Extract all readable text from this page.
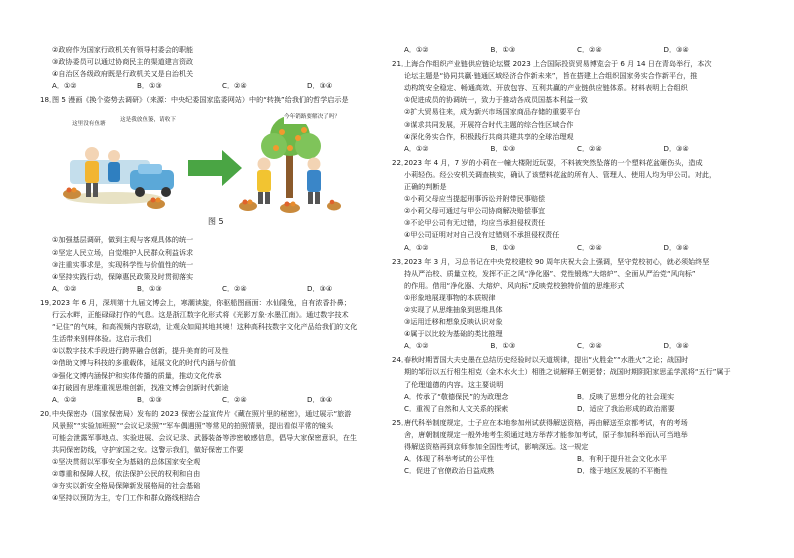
②政府作为国家行政机关有领导村委会的职能
③政协委员可以通过协商民主的渠道建言资政
④自治区各级政府既是行政机关又是自治机关
A．①②	B．①③	C．②④	D．③④
18．图 5 漫画《换个姿势去调研》（来源：中央纪委国家监委网站）中的“转换”给我们的哲学启示是
这里没有鱼塘
这是我放鱼篓，请收下	今年销路要解决了吗？
图 5
①加强基层调研，做到主观与客观具体的统一
②坚定人民立场，自觉维护人民群众利益诉求
③注重实事求是，实现科学性与价值性的统一
④坚持实践行动，保障惠民政策及时贯彻落实
A．①②	B．①③	C．②④	D．③④
19．2023 年 6 月，深圳第十九届文博会上，寒潮读旋，你驱船图画面：水仙隆兔，自有浓香扑鼻；
行云水畔，正能碌碌打作的气息。这是浙江数字化形式将《光影万象·水墨江南》。通过数字技术
“记住”的气味，和高视频内容联动，让观众如闻其地其境！这种高科技数字文化产品给我们的文化
生活带来别样体验。这启示我们
①以数字技术手段进行跨界融合创新，提升美育的可及性
②借助文博与科技的多重载体，延展文化的时代内涵与价值
③强化文博内涵保护和实体传播的质量，推动文化传承
④打破固有思维重视思维创新，找准文博会创新时代新途
A．①②	B．①③	C．②④	D．③④
20．中央保密办（国家保密局）发布的 2023 保密公益宣传片《藏在照片里的秘密》，通过展示“旅游
风景照”“实验加班照”“会议记录照”“军车偶遇照”等常见的拍照情景，提出看似平常的镜头
可能会泄露军事地点、实验进展、会议记录、武器装备等涉密敏感信息，倡导大家保密意识，在生
共同保密防线，守护家国之安。这警示我们，做好保密工作要
①坚决贯彻以军事安全为基础的总体国家安全观
②尊重和保障人权，依法保护公民的权利和自由
③夯实以新安全格局保障新发展格局的社会基础
④坚持以预防为主，专门工作和群众路线相结合
A．①②	B．①③	C．②④	D．③④
21．上海合作组织产业链供应链论坛暨 2023 上合国际投资贸易博览会于 6 月 14 日在青岛举行，本次
论坛主题是“协同共赢·链通区域经济合作新未来”，旨在搭建上合组织国家务实合作新平台，推
动构筑安全稳定、畅通高效、开放包容、互利共赢的产业链供应链体系。材料表明上合组织
①促进成员的协调统一，致力于推动各成员国基本利益一致
②扩大贸易往来，成为新兴市场国家商品存储的重要平台
③谋求共同发展，开展符合时代主题的综合性区域合作
④深化务实合作，积极践行共商共建共享的全球治理观
A．①②	B．①③	C．②④	D．③④
22．2023 年 4 月，7 岁的小莉在一幢大楼附近玩耍，不料被突然坠落的一个塑料花盆砸伤头，造成
小莉轻伤。经公安机关调查核实，确认了该塑料花盆的所有人、管理人、使用人均为甲公司。对此，
正确的判断是
①小莉父母应当提起刑事诉讼并附带民事赔偿
②小莉父母可通过与甲公司协商解决赔偿事宜
③不论甲公司有无过错，均应当承担侵权责任
④甲公司证明对对自己没有过错则不承担侵权责任
A．①②	B．①③	C．②④	D．③④
23．2023 年 3 月，习总书记在中央党校建校 90 周年庆祝大会上强调，坚守党校初心，就必须始终坚
持从严治校、质量立校，发挥不正之风“净化器”、党性锻炼“大熔炉”、全面从严治党“风向标”
的作用。借用“净化器、大熔炉、风向标”反映党校独特价值的思维形式
①形象地展现事物的本质规律
②实现了从思维抽象到思维具体
③运用迁移和想象反映认识对象
④属于以比较为基础的类比推理
A．①②	B．①③	C．②④	D．③④
24．春秋时期晋国大夫史墨在总结历史经验时以天道规律，提出“火胜金”“水胜火”之论；战国时
期的邹衍以五行相生相克（金木水火土）相胜之说解释王朝更替；战国时期阴阳家思孟学派将“五行”属于
了伦理道德的内容。这主要说明
A．传承了“敬德保民”的为政理念	B．反映了思想分化的社会现实
C．重视了自然和人文关系的探索	D．适应了我治形成的政治需要
25．唐代科举制度规定，士子应在本地参加州试获得解送资格，再由解送至京都考试，有的考场
舍，唐朝制度规定一般外地考生须通过地方举荐才能参加考试，原子参加科举而认可当地举
得解送资格再到京师参加全国性考试，影响深远。这一规定
A．体现了科举考试的公平性	B．有利于提升社会文化水平
C．促进了官僚政治日益成熟	D．缘于地区发展的不平衡性
